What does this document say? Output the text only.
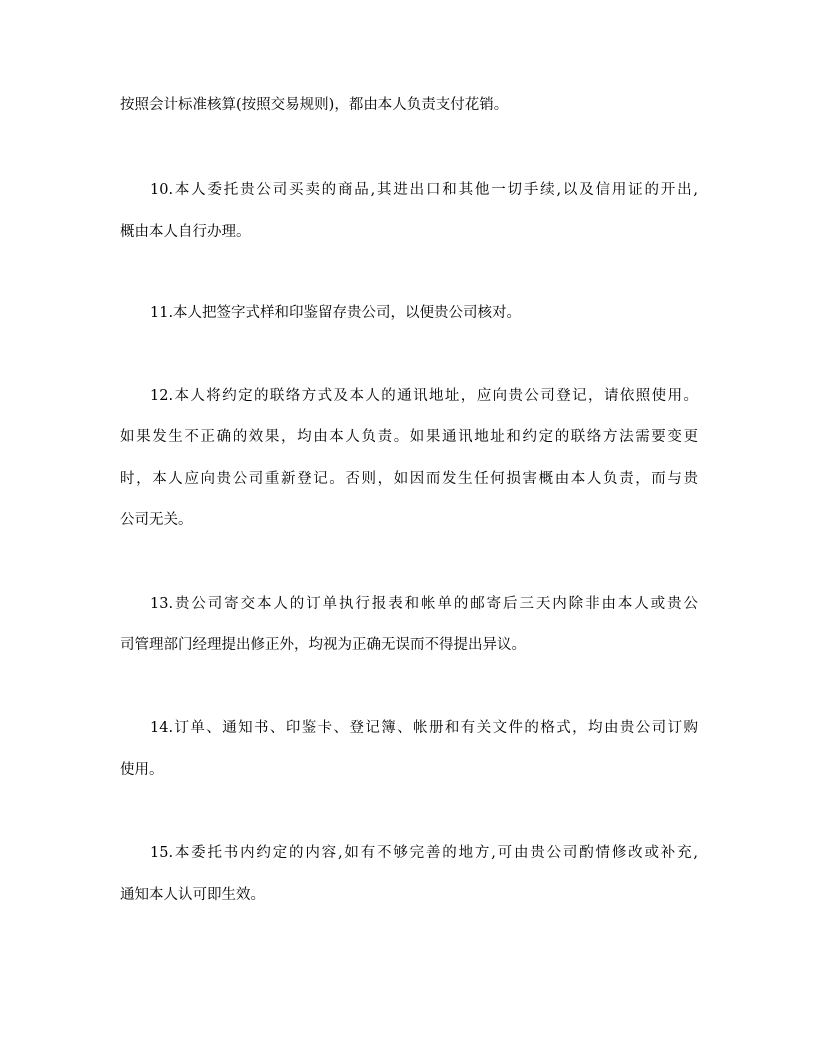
按照会计标准核算(按照交易规则)，都由本人负责支付花销。
10.本人委托贵公司买卖的商品,其进出口和其他一切手续,以及信用证的开出,
概由本人自行办理。
11.本人把签字式样和印鉴留存贵公司，以便贵公司核对。
12.本人将约定的联络方式及本人的通讯地址，应向贵公司登记，请依照使用。
如果发生不正确的效果，均由本人负责。如果通讯地址和约定的联络方法需要变更
时，本人应向贵公司重新登记。否则，如因而发生任何损害概由本人负责，而与贵
公司无关。
13.贵公司寄交本人的订单执行报表和帐单的邮寄后三天内除非由本人或贵公
司管理部门经理提出修正外，均视为正确无误而不得提出异议。
14.订单、通知书、印鉴卡、登记簿、帐册和有关文件的格式，均由贵公司订购
使用。
15.本委托书内约定的内容,如有不够完善的地方,可由贵公司酌情修改或补充,
通知本人认可即生效。
